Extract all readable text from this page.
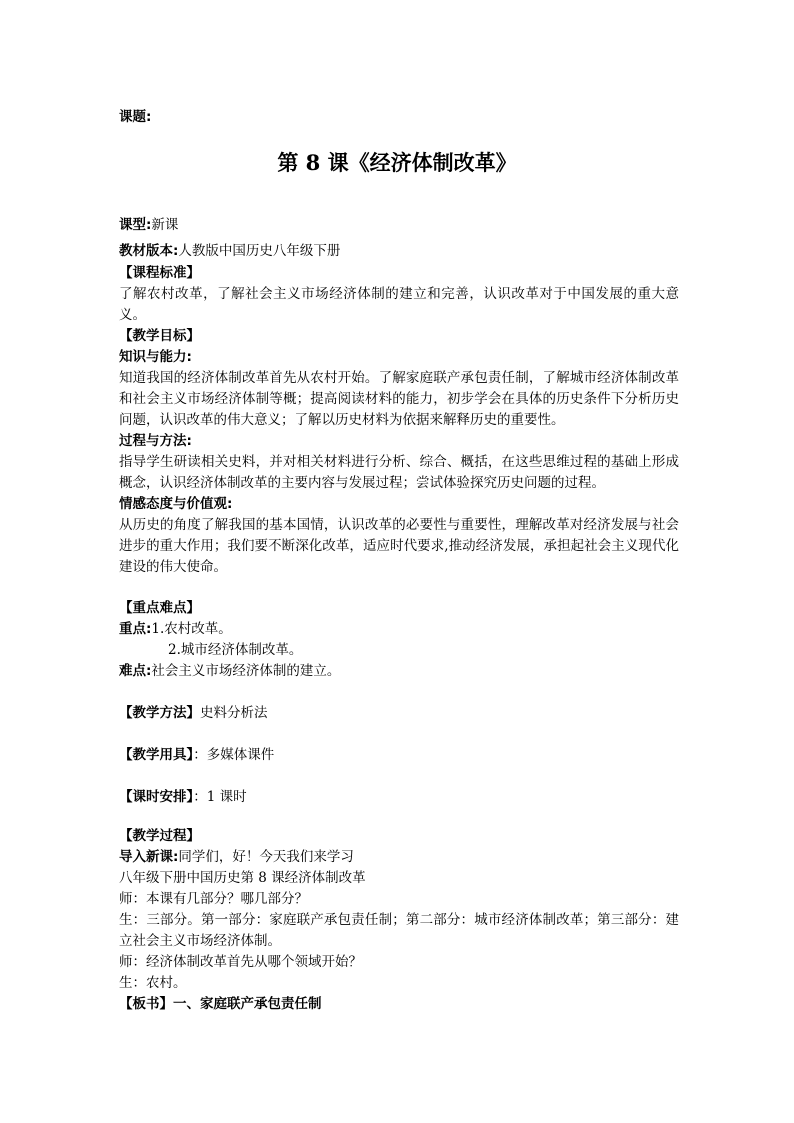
课题:
第 8 课《经济体制改革》
课型:新课
教材版本:人教版中国历史八年级下册
【课程标准】
了解农村改革，了解社会主义市场经济体制的建立和完善，认识改革对于中国发展的重大意义。
【教学目标】
知识与能力:
知道我国的经济体制改革首先从农村开始。了解家庭联产承包责任制，了解城市经济体制改革和社会主义市场经济体制等概；提高阅读材料的能力，初步学会在具体的历史条件下分析历史问题，认识改革的伟大意义；了解以历史材料为依据来解释历史的重要性。
过程与方法:
指导学生研读相关史料，并对相关材料进行分析、综合、概括，在这些思维过程的基础上形成概念，认识经济体制改革的主要内容与发展过程；尝试体验探究历史问题的过程。
情感态度与价值观:
从历史的角度了解我国的基本国情，认识改革的必要性与重要性，理解改革对经济发展与社会进步的重大作用；我们要不断深化改革，适应时代要求,推动经济发展，承担起社会主义现代化建设的伟大使命。
【重点难点】
重点:1.农村改革。
2.城市经济体制改革。
难点:社会主义市场经济体制的建立。
【教学方法】史料分析法
【教学用具】：多媒体课件
【课时安排】：1 课时
【教学过程】
导入新课:同学们，好！今天我们来学习
八年级下册中国历史第 8 课经济体制改革
师：本课有几部分？哪几部分？
生：三部分。第一部分：家庭联产承包责任制；第二部分：城市经济体制改革；第三部分：建立社会主义市场经济体制。
师：经济体制改革首先从哪个领域开始？
生：农村。
【板书】一、家庭联产承包责任制
